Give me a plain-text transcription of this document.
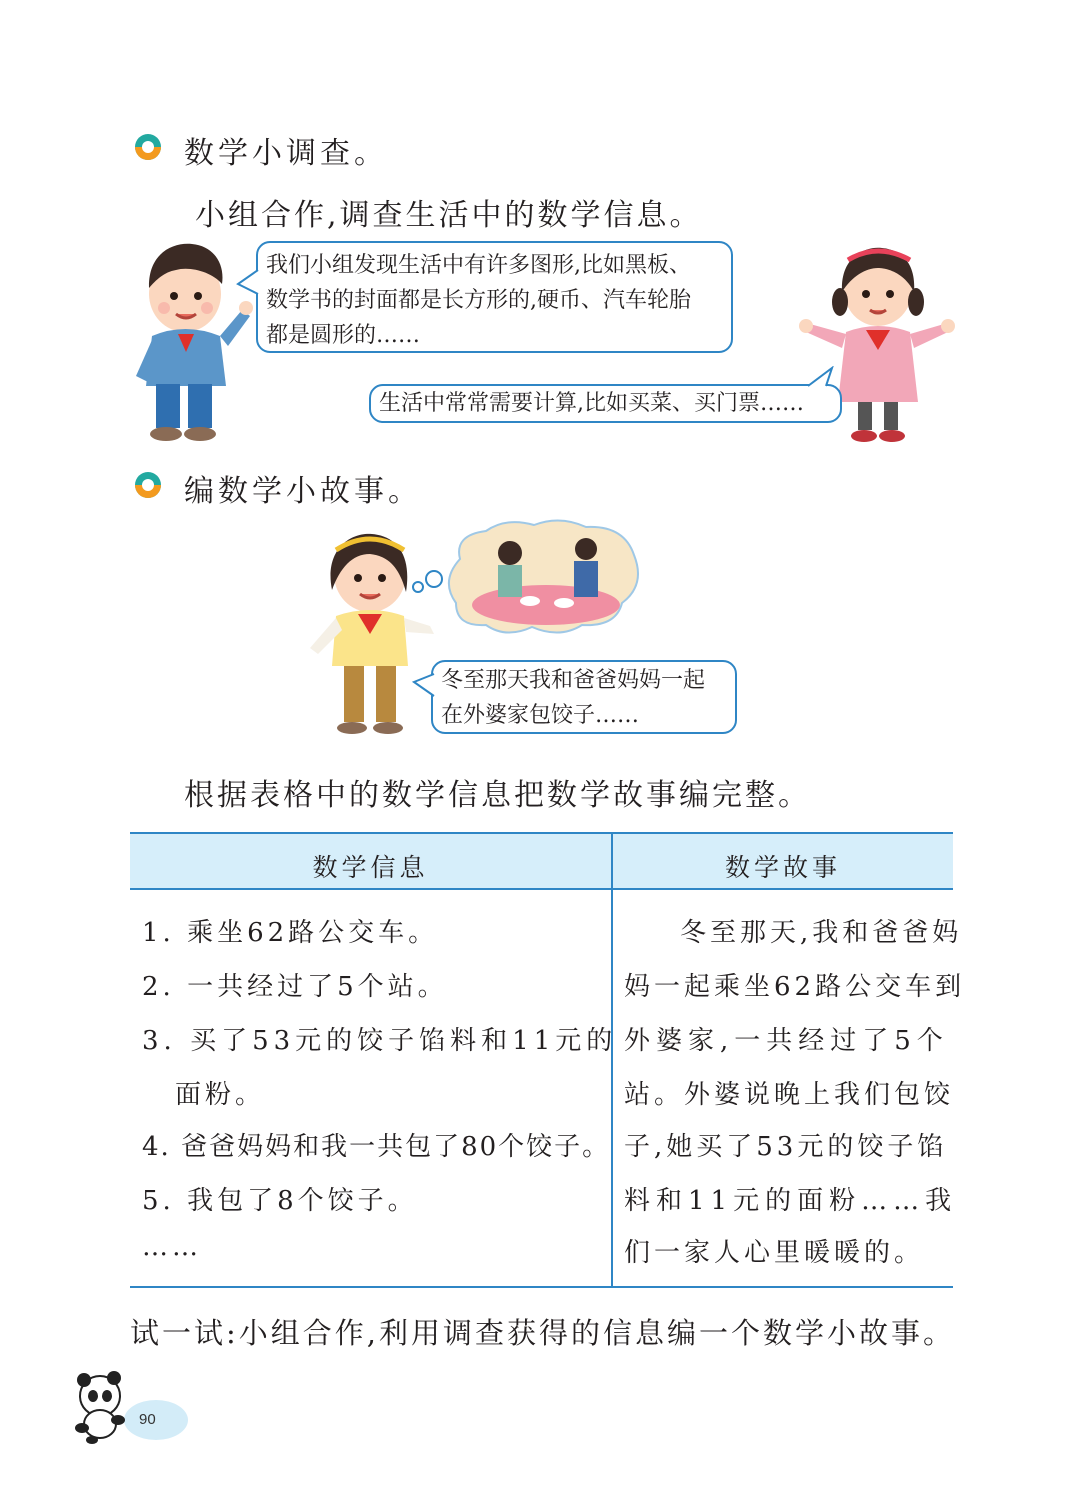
数学小调查。
小组合作,调查生活中的数学信息。
我们小组发现生活中有许多图形,比如黑板、
数学书的封面都是长方形的,硬币、汽车轮胎
都是圆形的……
生活中常常需要计算,比如买菜、买门票……
编数学小故事。
冬至那天我和爸爸妈妈一起
在外婆家包饺子……
根据表格中的数学信息把数学故事编完整。
数学信息	数学故事
1. 乘坐62路公交车。
2. 一共经过了5个站。
3. 买了53元的饺子馅料和11元的
面粉。
4. 爸爸妈妈和我一共包了80个饺子。
5. 我包了8个饺子。
……
冬至那天,我和爸爸妈
妈一起乘坐62路公交车到
外婆家,一共经过了5个
站。外婆说晚上我们包饺
子,她买了53元的饺子馅
料和11元的面粉……我
们一家人心里暖暖的。
试一试:小组合作,利用调查获得的信息编一个数学小故事。
90
